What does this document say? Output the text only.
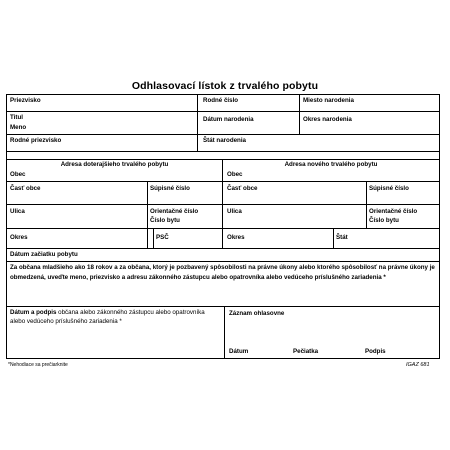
Odhlasovací lístok z trvalého pobytu
Priezvisko	Rodné číslo	Miesto narodenia
Titul
Meno
Dátum narodenia	Okres narodenia
Rodné priezvisko	Štát narodenia
Adresa doterajšieho trvalého pobytu
Obec
Časť obce	Súpisné číslo
Ulica	Orientačné číslo
Číslo bytu
Okres	PSČ
Adresa nového trvalého pobytu
Obec
Časť obce	Súpisné číslo
Ulica	Orientačné číslo
Číslo bytu
Okres	Štát
Dátum začiatku pobytu
Za občana mladšieho ako 18 rokov a za občana, ktorý je pozbavený spôsobilosti na právne úkony alebo ktorého spôsobilosť na právne úkony je obmedzená, uveďte meno, priezvisko a adresu zákonného zástupcu alebo opatrovníka alebo vedúceho príslušného zariadenia *
Dátum a podpis občana alebo zákonného zástupcu alebo opatrovníka alebo vedúceho príslušného zariadenia *
Záznam ohlasovne
Dátum	Pečiatka	Podpis
*Nehodiace sa prečiarknite	IGAZ 681
